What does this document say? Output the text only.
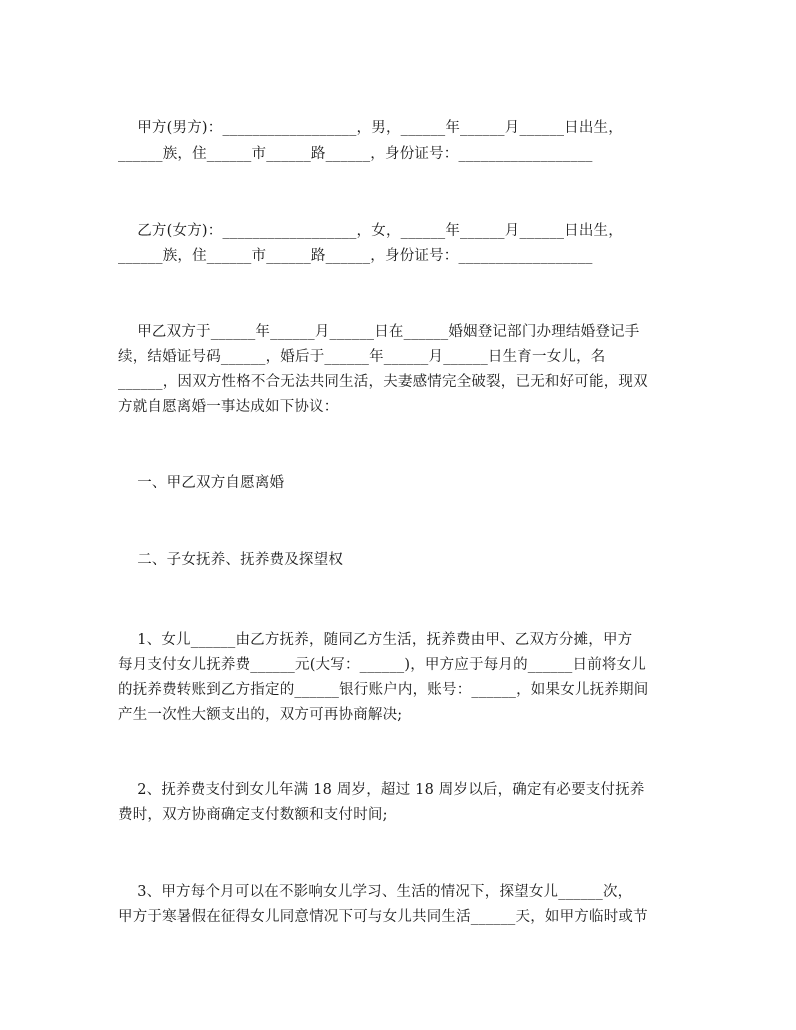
甲方(男方)：__________________，男，______年______月______日出生，
______族，住______市______路______，身份证号：__________________
乙方(女方)：__________________，女，______年______月______日出生，
______族，住______市______路______，身份证号：__________________
甲乙双方于______年______月______日在______婚姻登记部门办理结婚登记手
续，结婚证号码______，婚后于______年______月______日生育一女儿，名
______，因双方性格不合无法共同生活，夫妻感情完全破裂，已无和好可能，现双
方就自愿离婚一事达成如下协议：
一、甲乙双方自愿离婚
二、子女抚养、抚养费及探望权
1、女儿______由乙方抚养，随同乙方生活，抚养费由甲、乙双方分摊，甲方
每月支付女儿抚养费______元(大写：______)，甲方应于每月的______日前将女儿
的抚养费转账到乙方指定的______银行账户内，账号：______，如果女儿抚养期间
产生一次性大额支出的，双方可再协商解决;
2、抚养费支付到女儿年满 18 周岁，超过 18 周岁以后，确定有必要支付抚养
费时，双方协商确定支付数额和支付时间;
3、甲方每个月可以在不影响女儿学习、生活的情况下，探望女儿______次，
甲方于寒暑假在征得女儿同意情况下可与女儿共同生活______天，如甲方临时或节
